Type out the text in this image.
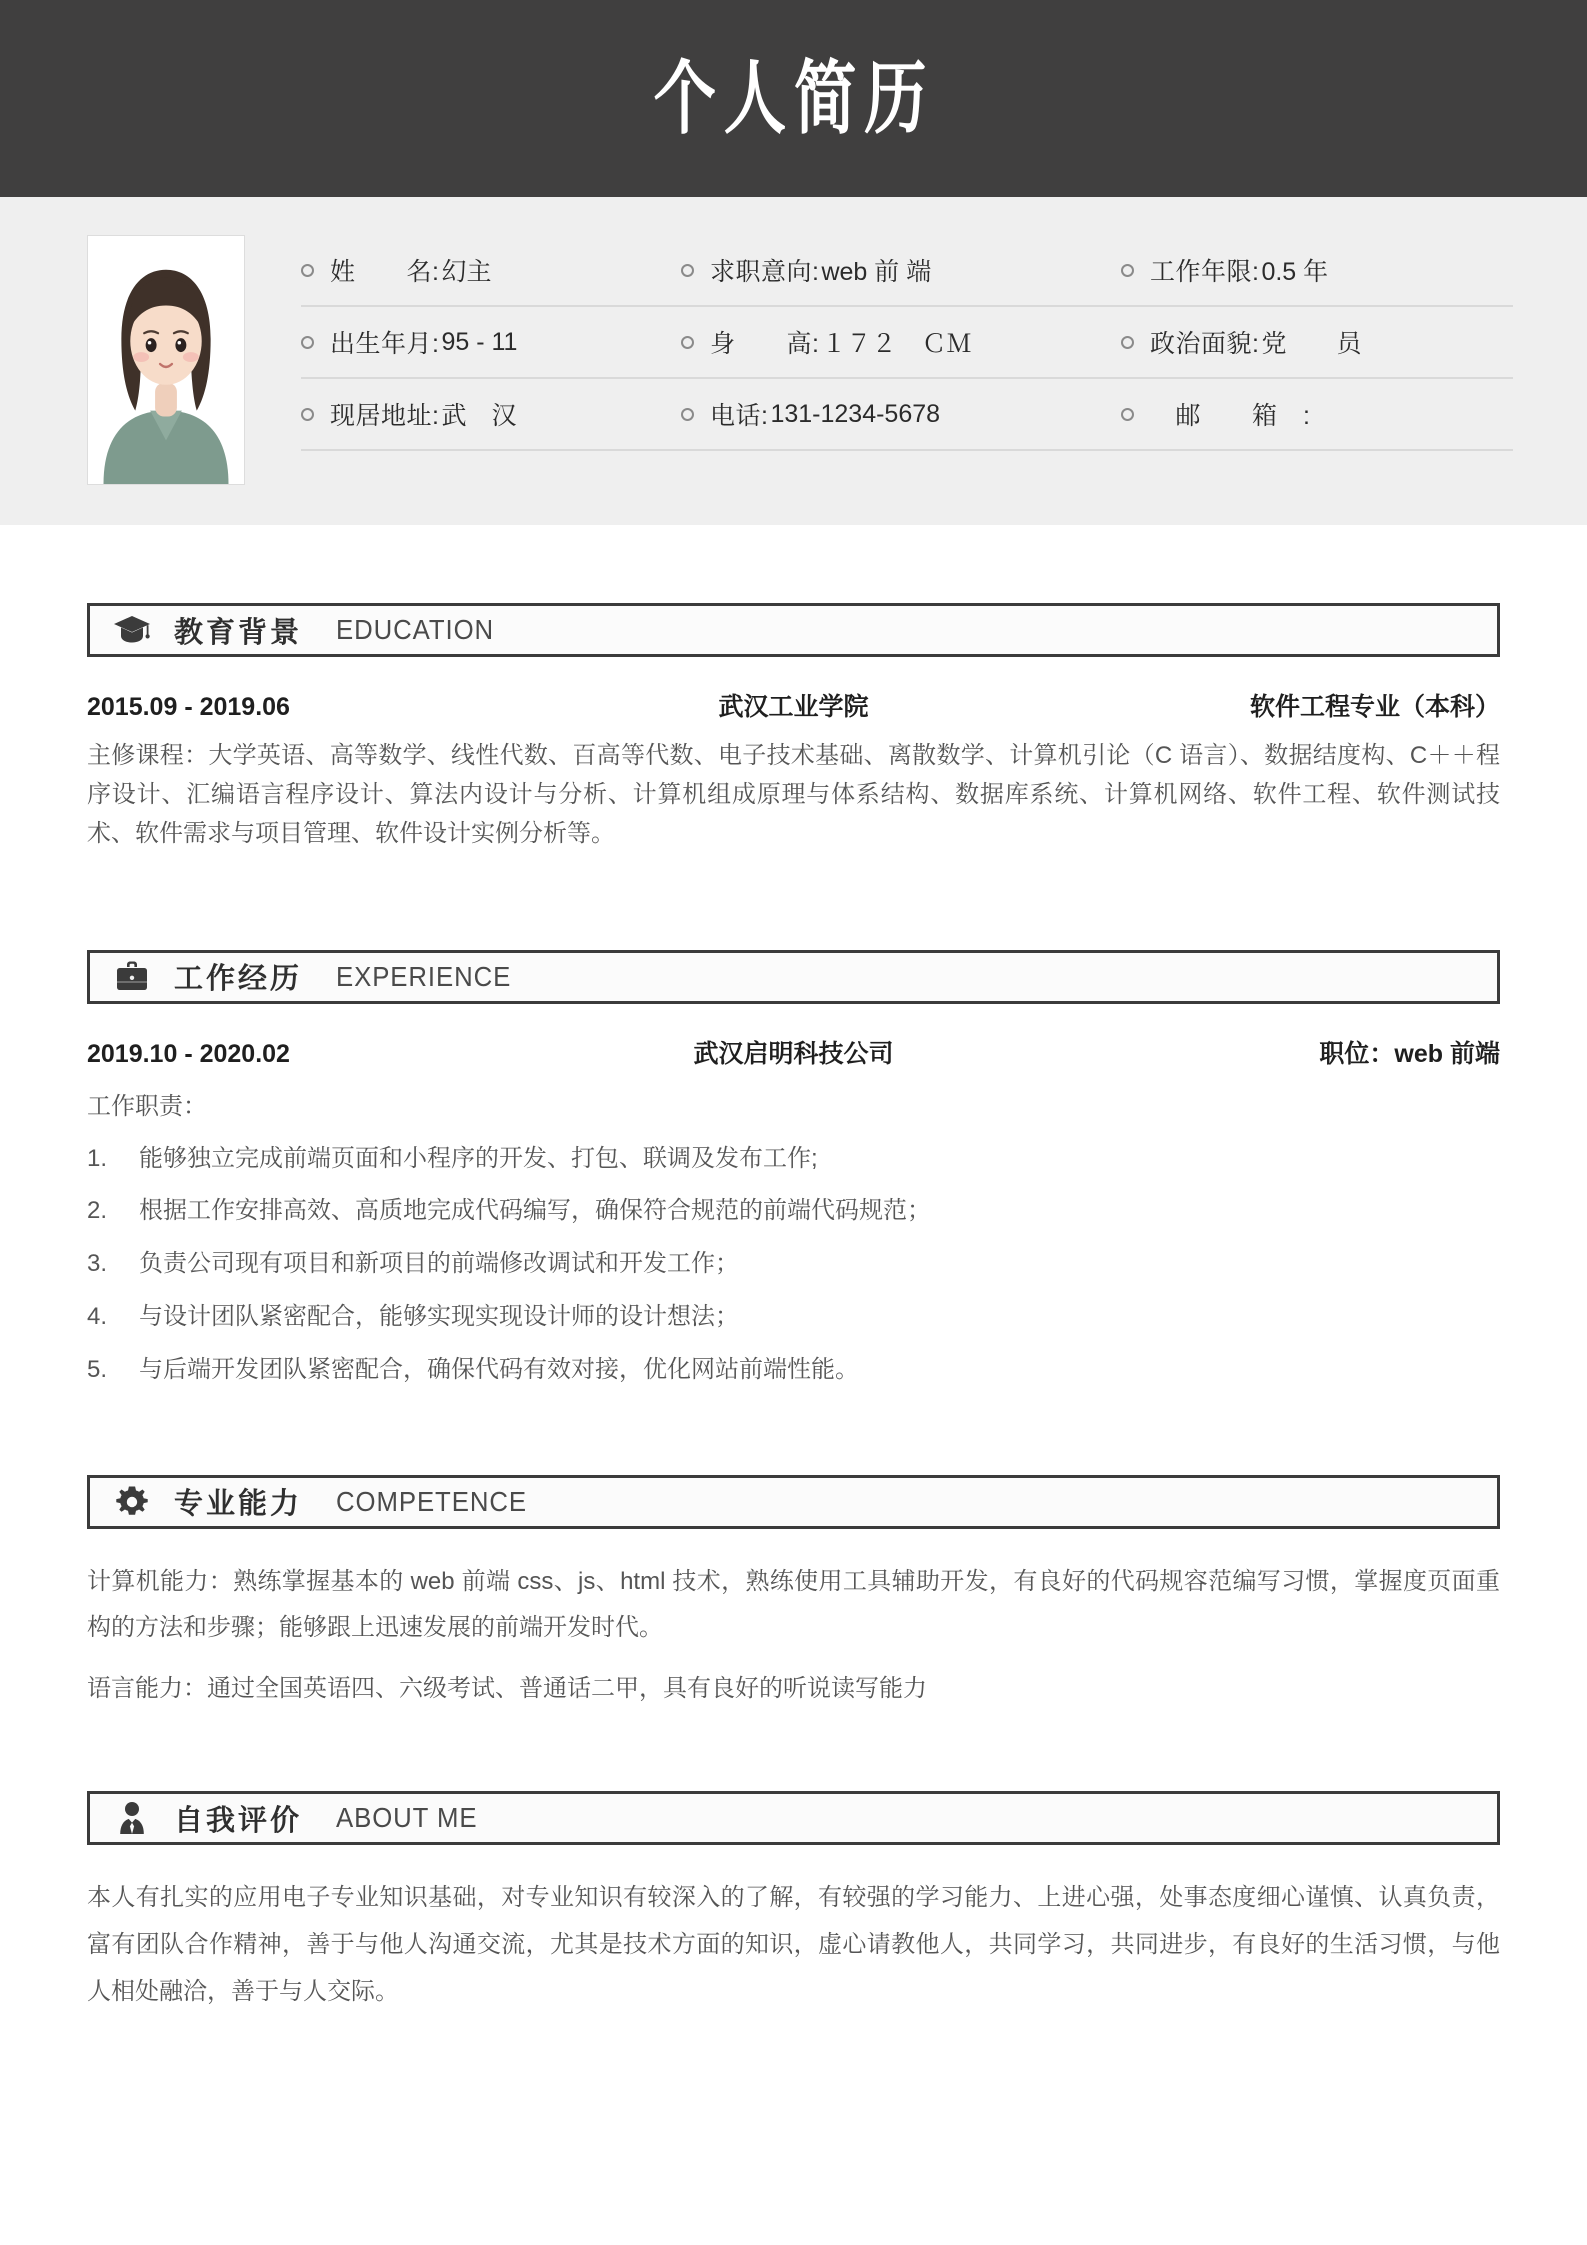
个人简历
姓　　名: 幻主	求职意向: web 前 端	工作年限: 0.5 年
出生年月: 95 - 11	身　　高: １７２　ＣＭ	政治面貌: 党　　员
现居地址: 武　汉	电话: 131-1234-5678	　邮　　箱　:
教育背景 EDUCATION
2015.09 - 2019.06	武汉工业学院	软件工程专业（本科）
主修课程：大学英语、高等数学、线性代数、百高等代数、电子技术基础、离散数学、计算机引论（C 语言）、数据结度构、C＋＋程序设计、汇编语言程序设计、算法内设计与分析、计算机组成原理与体系结构、数据库系统、计算机网络、软件工程、软件测试技术、软件需求与项目管理、软件设计实例分析等。
工作经历 EXPERIENCE
2019.10 - 2020.02	武汉启明科技公司	职位：web 前端
工作职责：
1.	能够独立完成前端页面和小程序的开发、打包、联调及发布工作;
2.	根据工作安排高效、高质地完成代码编写，确保符合规范的前端代码规范；
3.	负责公司现有项目和新项目的前端修改调试和开发工作；
4.	与设计团队紧密配合，能够实现实现设计师的设计想法；
5.	与后端开发团队紧密配合，确保代码有效对接，优化网站前端性能。
专业能力 COMPETENCE
计算机能力：熟练掌握基本的 web 前端 css、js、html 技术，熟练使用工具辅助开发，有良好的代码规容范编写习惯，掌握度页面重构的方法和步骤；能够跟上迅速发展的前端开发时代。
语言能力：通过全国英语四、六级考试、普通话二甲，具有良好的听说读写能力
自我评价 ABOUT ME
本人有扎实的应用电子专业知识基础，对专业知识有较深入的了解，有较强的学习能力、上进心强，处事态度细心谨慎、认真负责，富有团队合作精神，善于与他人沟通交流，尤其是技术方面的知识，虚心请教他人，共同学习，共同进步，有良好的生活习惯，与他人相处融洽，善于与人交际。
